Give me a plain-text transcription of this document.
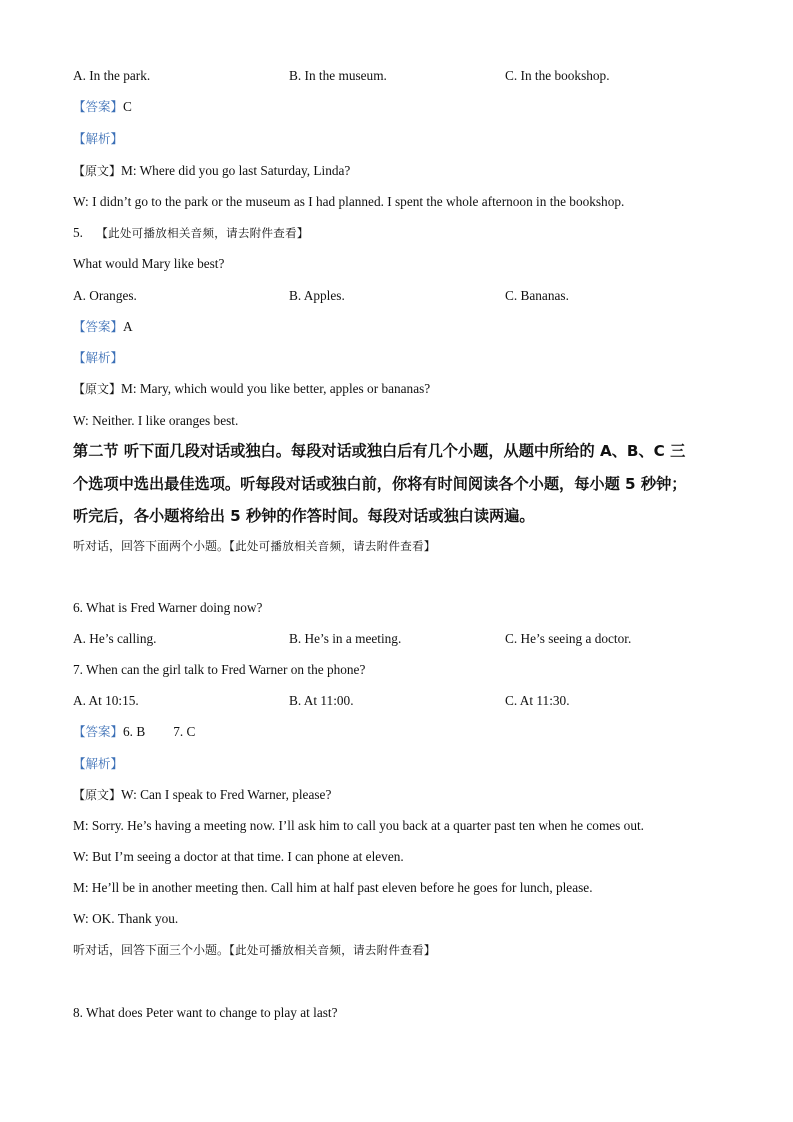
A. In the park.	B. In the museum.	C. In the bookshop.
【答案】C
【解析】
【原文】M: Where did you go last Saturday, Linda?
W: I didn’t go to the park or the museum as I had planned. I spent the whole afternoon in the bookshop.
5. 【此处可播放相关音频，请去附件查看】
What would Mary like best?
A. Oranges.	B. Apples.	C. Bananas.
【答案】A
【解析】
【原文】M: Mary, which would you like better, apples or bananas?
W: Neither. I like oranges best.
第二节 听下面几段对话或独白。每段对话或独白后有几个小题，从题中所给的 A、B、C 三
个选项中选出最佳选项。听每段对话或独白前，你将有时间阅读各个小题，每小题 5 秒钟；
听完后，各小题将给出 5 秒钟的作答时间。每段对话或独白读两遍。
听对话，回答下面两个小题。【此处可播放相关音频，请去附件查看】
6. What is Fred Warner doing now?
A. He’s calling.	B. He’s in a meeting.	C. He’s seeing a doctor.
7. When can the girl talk to Fred Warner on the phone?
A. At 10:15.	B. At 11:00.	C. At 11:30.
【答案】6. B 7. C
【解析】
【原文】W: Can I speak to Fred Warner, please?
M: Sorry. He’s having a meeting now. I’ll ask him to call you back at a quarter past ten when he comes out.
W: But I’m seeing a doctor at that time. I can phone at eleven.
M: He’ll be in another meeting then. Call him at half past eleven before he goes for lunch, please.
W: OK. Thank you.
听对话，回答下面三个小题。【此处可播放相关音频，请去附件查看】
8. What does Peter want to change to play at last?
